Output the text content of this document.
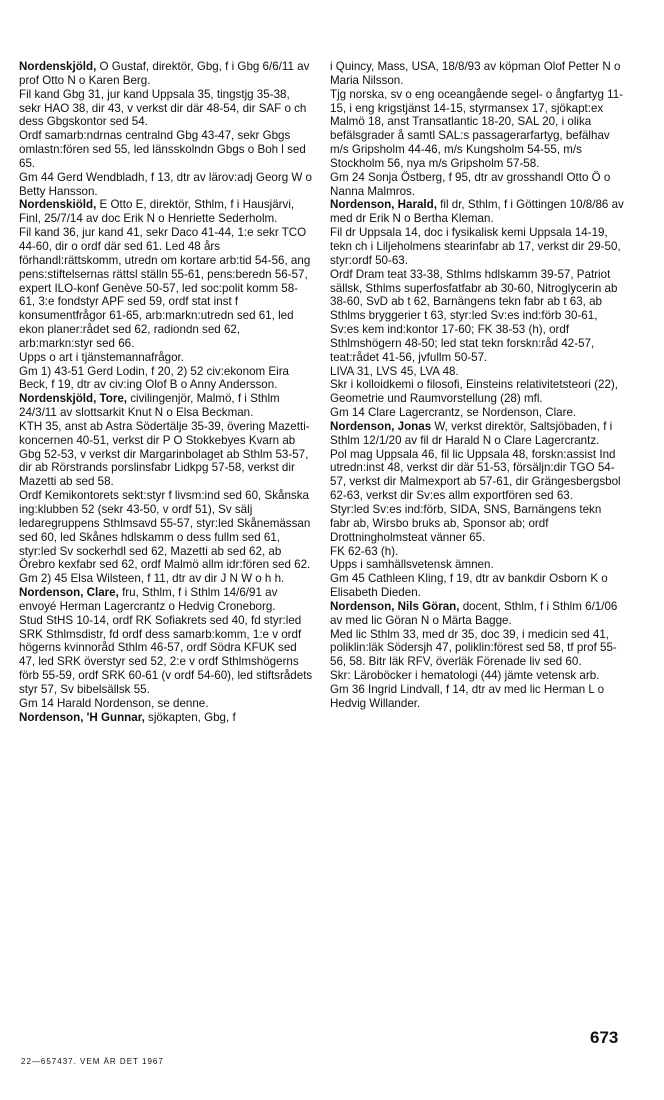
Nordenskjöld, O Gustaf, direktör, Gbg, f i Gbg 6/6/11 av prof Otto N o Karen Berg.

Fil kand Gbg 31, jur kand Uppsala 35, tingstjg 35-38, sekr HAO 38, dir 43, v verkst dir där 48-54, dir SAF o ch dess Gbgskontor sed 54.

Ordf samarb:ndrnas centralnd Gbg 43-47, sekr Gbgs omlastn:fören sed 55, led länsskolndn Gbgs o Boh l sed 65.

Gm 44 Gerd Wendbladh, f 13, dtr av lärov:adj Georg W o Betty Hansson.

Nordenskiöld, E Otto E, direktör, Sthlm, f i Hausjärvi, Finl, 25/7/14 av doc Erik N o Henriette Sederholm.

Fil kand 36, jur kand 41, sekr Daco 41-44, 1:e sekr TCO 44-60, dir o ordf där sed 61. Led 48 års förhandl:rättskomm, utredn om kortare arb:tid 54-56, ang pens:stiftelsernas rättsl ställn 55-61, pens:beredn 56-57, expert ILO-konf Genève 50-57, led soc:polit komm 58-61, 3:e fondstyr APF sed 59, ordf stat inst f konsumentfrågor 61-65, arb:markn:utredn sed 61, led ekon planer:rådet sed 62, radiondn sed 62, arb:markn:styr sed 66.

Upps o art i tjänstemannafrågor.

Gm 1) 43-51 Gerd Lodin, f 20, 2) 52 civ:ekonom Eira Beck, f 19, dtr av civ:ing Olof B o Anny Andersson.

Nordenskjöld, Tore, civilingenjör, Malmö, f i Sthlm 24/3/11 av slottsarkit Knut N o Elsa Beckman.

KTH 35, anst ab Astra Södertälje 35-39, övering Mazetti-koncernen 40-51, verkst dir P O Stokkebyes Kvarn ab Gbg 52-53, v verkst dir Margarinbolaget ab Sthlm 53-57, dir ab Rörstrands porslinsfabr Lidkpg 57-58, verkst dir Mazetti ab sed 58.

Ordf Kemikontorets sekt:styr f livsm:ind sed 60, Skånska ing:klubben 52 (sekr 43-50, v ordf 51), Sv sälj ledaregruppens Sthlmsavd 55-57, styr:led Skånemässan sed 60, led Skånes hdlskamm o dess fullm sed 61, styr:led Sv sockerhdl sed 62, Mazetti ab sed 62, ab Örebro kexfabr sed 62, ordf Malmö allm idr:fören sed 62.

Gm 2) 45 Elsa Wilsteen, f 11, dtr av dir J N W o h h.

Nordenson, Clare, fru, Sthlm, f i Sthlm 14/6/91 av envoyé Herman Lagercrantz o Hedvig Croneborg.

Stud StHS 10-14, ordf RK Sofiakrets sed 40, fd styr:led SRK Sthlmsdistr, fd ordf dess samarb:komm, 1:e v ordf högerns kvinnoråd Sthlm 46-57, ordf Södra KFUK sed 47, led SRK överstyr sed 52, 2:e v ordf Sthlmshögerns förb 55-59, ordf SRK 60-61 (v ordf 54-60), led stiftsrådets styr 57, Sv bibelsällsk 55.

Gm 14 Harald Nordenson, se denne.

Nordenson, 'H Gunnar, sjökapten, Gbg, f

i Quincy, Mass, USA, 18/8/93 av köpman Olof Petter N o Maria Nilsson.

Tjg norska, sv o eng oceangående segel- o ångfartyg 11-15, i eng krigstjänst 14-15, styrmansex 17, sjökapt:ex Malmö 18, anst Transatlantic 18-20, SAL 20, i olika befälsgrader å samtl SAL:s passagerarfartyg, befälhav m/s Gripsholm 44-46, m/s Kungsholm 54-55, m/s Stockholm 56, nya m/s Gripsholm 57-58.

Gm 24 Sonja Östberg, f 95, dtr av grosshandl Otto Ö o Nanna Malmros.

Nordenson, Harald, fil dr, Sthlm, f i Göttingen 10/8/86 av med dr Erik N o Bertha Kleman.

Fil dr Uppsala 14, doc i fysikalisk kemi Uppsala 14-19, tekn ch i Liljeholmens stearinfabr ab 17, verkst dir 29-50, styr:ordf 50-63.

Ordf Dram teat 33-38, Sthlms hdlskamm 39-57, Patriot sällsk, Sthlms superfosfatfabr ab 30-60, Nitroglycerin ab 38-60, SvD ab t 62, Barnängens tekn fabr ab t 63, ab Sthlms bryggerier t 63, styr:led Sv:es ind:förb 30-61, Sv:es kem ind:kontor 17-60; FK 38-53 (h), ordf Sthlmshögern 48-50; led stat tekn forskn:råd 42-57, teat:rådet 41-56, jvfullm 50-57.

LIVA 31, LVS 45, LVA 48.

Skr i kolloidkemi o filosofi, Einsteins relativitetsteori (22), Geometrie und Raumvorstellung (28) mfl.

Gm 14 Clare Lagercrantz, se Nordenson, Clare.

Nordenson, Jonas W, verkst direktör, Saltsjöbaden, f i Sthlm 12/1/20 av fil dr Harald N o Clare Lagercrantz.

Pol mag Uppsala 46, fil lic Uppsala 48, forskn:assist Ind utredn:inst 48, verkst dir där 51-53, försäljn:dir TGO 54-57, verkst dir Malmexport ab 57-61, dir Grängesbergsbol 62-63, verkst dir Sv:es allm exportfören sed 63.

Styr:led Sv:es ind:förb, SIDA, SNS, Barnängens tekn fabr ab, Wirsbo bruks ab, Sponsor ab; ordf Drottningholmsteat vänner 65.

FK 62-63 (h).

Upps i samhällsvetensk ämnen.

Gm 45 Cathleen Kling, f 19, dtr av bankdir Osborn K o Elisabeth Dieden.

Nordenson, Nils Göran, docent, Sthlm, f i Sthlm 6/1/06 av med lic Göran N o Märta Bagge.

Med lic Sthlm 33, med dr 35, doc 39, i medicin sed 41, poliklin:läk Södersjh 47, poliklin:förest sed 58, tf prof 55-56, 58. Bitr läk RFV, överläk Förenade liv sed 60.

Skr: Läroböcker i hematologi (44) jämte vetensk arb.

Gm 36 Ingrid Lindvall, f 14, dtr av med lic Herman L o Hedvig Willander.

22—657437. VEM ÄR DET 1967
673
